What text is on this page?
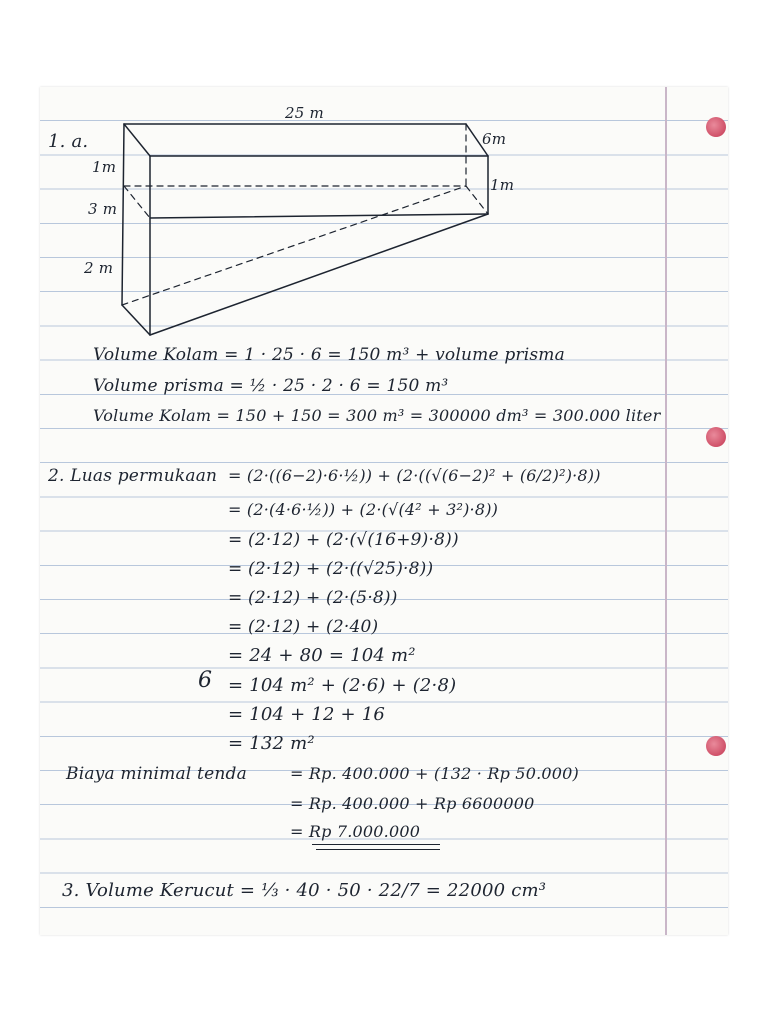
1. a.
25 m
6m
1m
3 m
2 m
1m
Volume Kolam = 1 · 25 · 6 = 150 m³ + volume prisma
Volume prisma = ½ · 25 · 2 · 6 = 150 m³
Volume Kolam = 150 + 150 = 300 m³ = 300000 dm³ = 300.000 liter
2. Luas permukaan = (2·((6−2)·6·½)) + (2·((√(6−2)² + (6/2)²)·8))
= (2·(4·6·½)) + (2·(√(4² + 3²)·8))
= (2·12) + (2·(√(16+9)·8))
= (2·12) + (2·((√25)·8))
= (2·12) + (2·(5·8))
= (2·12) + (2·40)
= 24 + 80 = 104 m²
6 = 104 m² + (2·6) + (2·8)
= 104 + 12 + 16
= 132 m²
Biaya minimal tenda	= Rp. 400.000 + (132 · Rp 50.000)
= Rp. 400.000 + Rp 6600000
= Rp 7.000.000
3. Volume Kerucut = ⅓ · 40 · 50 · 22/7 = 22000 cm³
